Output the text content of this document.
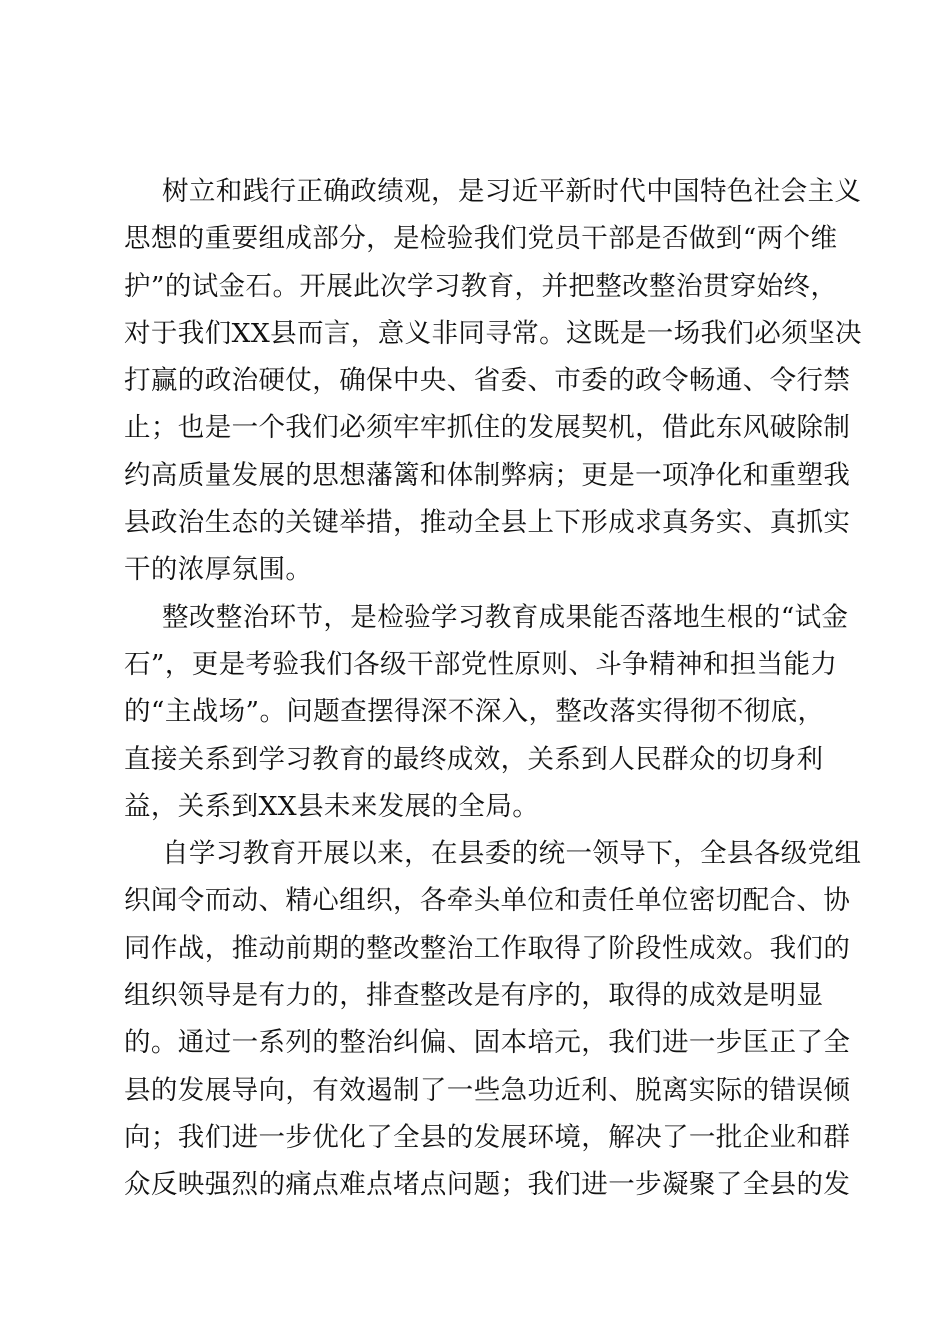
树立和践行正确政绩观，是习近平新时代中国特色社会主义
思想的重要组成部分，是检验我们党员干部是否做到“两个维
护”的试金石。开展此次学习教育，并把整改整治贯穿始终，
对于我们XX县而言，意义非同寻常。这既是一场我们必须坚决
打赢的政治硬仗，确保中央、省委、市委的政令畅通、令行禁
止；也是一个我们必须牢牢抓住的发展契机，借此东风破除制
约高质量发展的思想藩篱和体制弊病；更是一项净化和重塑我
县政治生态的关键举措，推动全县上下形成求真务实、真抓实
干的浓厚氛围。
整改整治环节，是检验学习教育成果能否落地生根的“试金
石”，更是考验我们各级干部党性原则、斗争精神和担当能力
的“主战场”。问题查摆得深不深入，整改落实得彻不彻底，
直接关系到学习教育的最终成效，关系到人民群众的切身利
益，关系到XX县未来发展的全局。
自学习教育开展以来，在县委的统一领导下，全县各级党组
织闻令而动、精心组织，各牵头单位和责任单位密切配合、协
同作战，推动前期的整改整治工作取得了阶段性成效。我们的
组织领导是有力的，排查整改是有序的，取得的成效是明显
的。通过一系列的整治纠偏、固本培元，我们进一步匡正了全
县的发展导向，有效遏制了一些急功近利、脱离实际的错误倾
向；我们进一步优化了全县的发展环境，解决了一批企业和群
众反映强烈的痛点难点堵点问题；我们进一步凝聚了全县的发
